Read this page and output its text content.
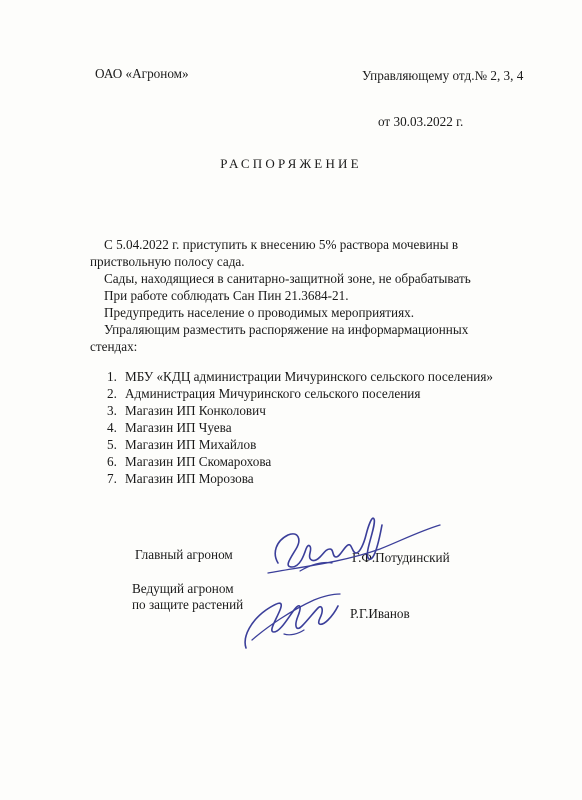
ОАО «Агроном»	Управляющему отд.№ 2, 3, 4
от 30.03.2022 г.
РАСПОРЯЖЕНИЕ
С 5.04.2022 г. приступить к внесению 5% раствора мочевины в
приствольную полосу сада.
Сады, находящиеся в санитарно-защитной зоне, не обрабатывать
При работе соблюдать Сан Пин 21.3684-21.
Предупредить население о проводимых мероприятиях.
Упраляющим разместить распоряжение на информармационных
стендах:
1. МБУ «КДЦ администрации Мичуринского сельского поселения»
2. Администрация Мичуринского сельского поселения
3. Магазин ИП Конколович
4. Магазин ИП Чуева
5. Магазин ИП Михайлов
6. Магазин ИП Скомарохова
7. Магазин ИП Морозова
Главный агроном	Г.Ф.Потудинский
Ведущий агроном
по защите растений
Р.Г.Иванов
